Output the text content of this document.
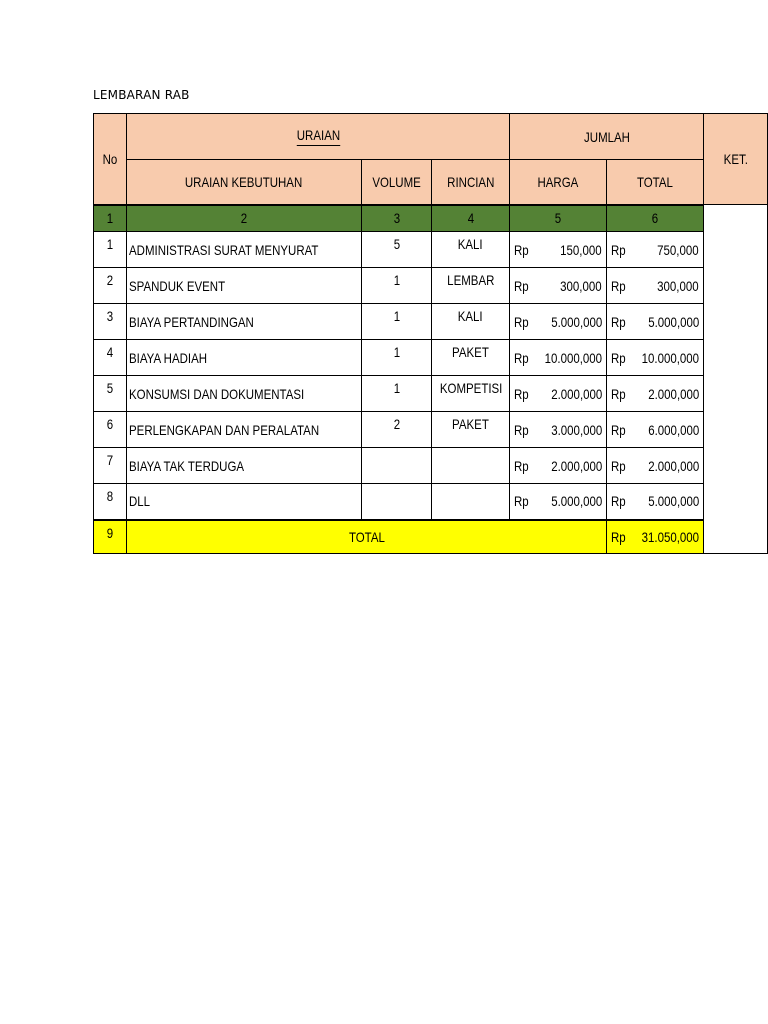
LEMBARAN RAB
No	URAIAN			JUMLAH		KET.
	URAIAN KEBUTUHAN	VOLUME	RINCIAN	HARGA	TOTAL	
1	2	3	4	5	6	
1	ADMINISTRASI SURAT MENYURAT	5	KALI	Rp 150,000	Rp 750,000	

2	SPANDUK EVENT	1	LEMBAR	Rp 300,000	Rp 300,000	

3	BIAYA PERTANDINGAN	1	KALI	Rp 5.000,000	Rp 5.000,000	

4	BIAYA HADIAH	1	PAKET	Rp 10.000,000	Rp 10.000,000	

5	KONSUMSI DAN DOKUMENTASI	1	KOMPETISI	Rp 2.000,000	Rp 2.000,000	

6	PERLENGKAPAN DAN PERALATAN	2	PAKET	Rp 3.000,000	Rp 6.000,000	

7	BIAYA TAK TERDUGA			Rp 2.000,000	Rp 2.000,000	

8	DLL			Rp 5.000,000	Rp 5.000,000	

9	TOTAL				Rp 31.050,000	
